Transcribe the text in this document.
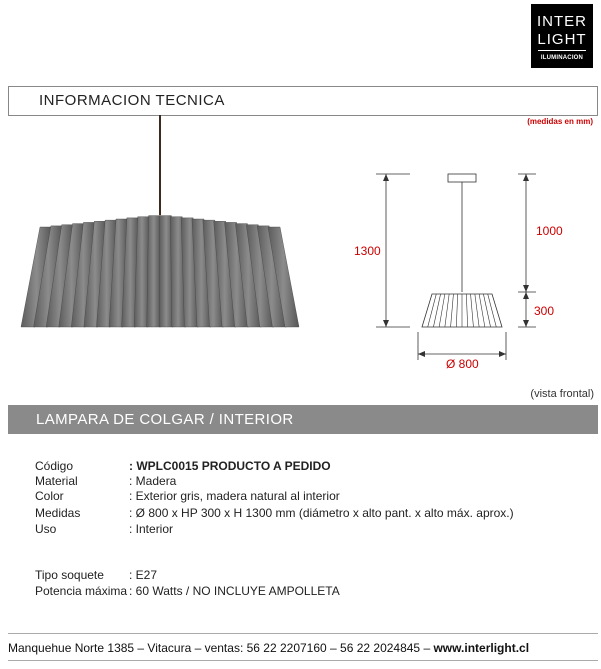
INTER
LIGHT
ILUMINACION
INFORMACION TECNICA
(medidas en mm)
1300
1000
300
Ø 800
(vista frontal)
LAMPARA DE COLGAR / INTERIOR
Código	: WPLC0015 PRODUCTO A PEDIDO
Material	: Madera
Color	: Exterior gris, madera natural al interior
Medidas	: Ø 800 x HP 300 x H 1300 mm (diámetro x alto pant. x alto máx. aprox.)
Uso	: Interior
Tipo soquete : E27
Potencia máxima : 60 Watts / NO INCLUYE AMPOLLETA
Manquehue Norte 1385 – Vitacura – ventas: 56 22 2207160 – 56 22 2024845 – www.interlight.cl
